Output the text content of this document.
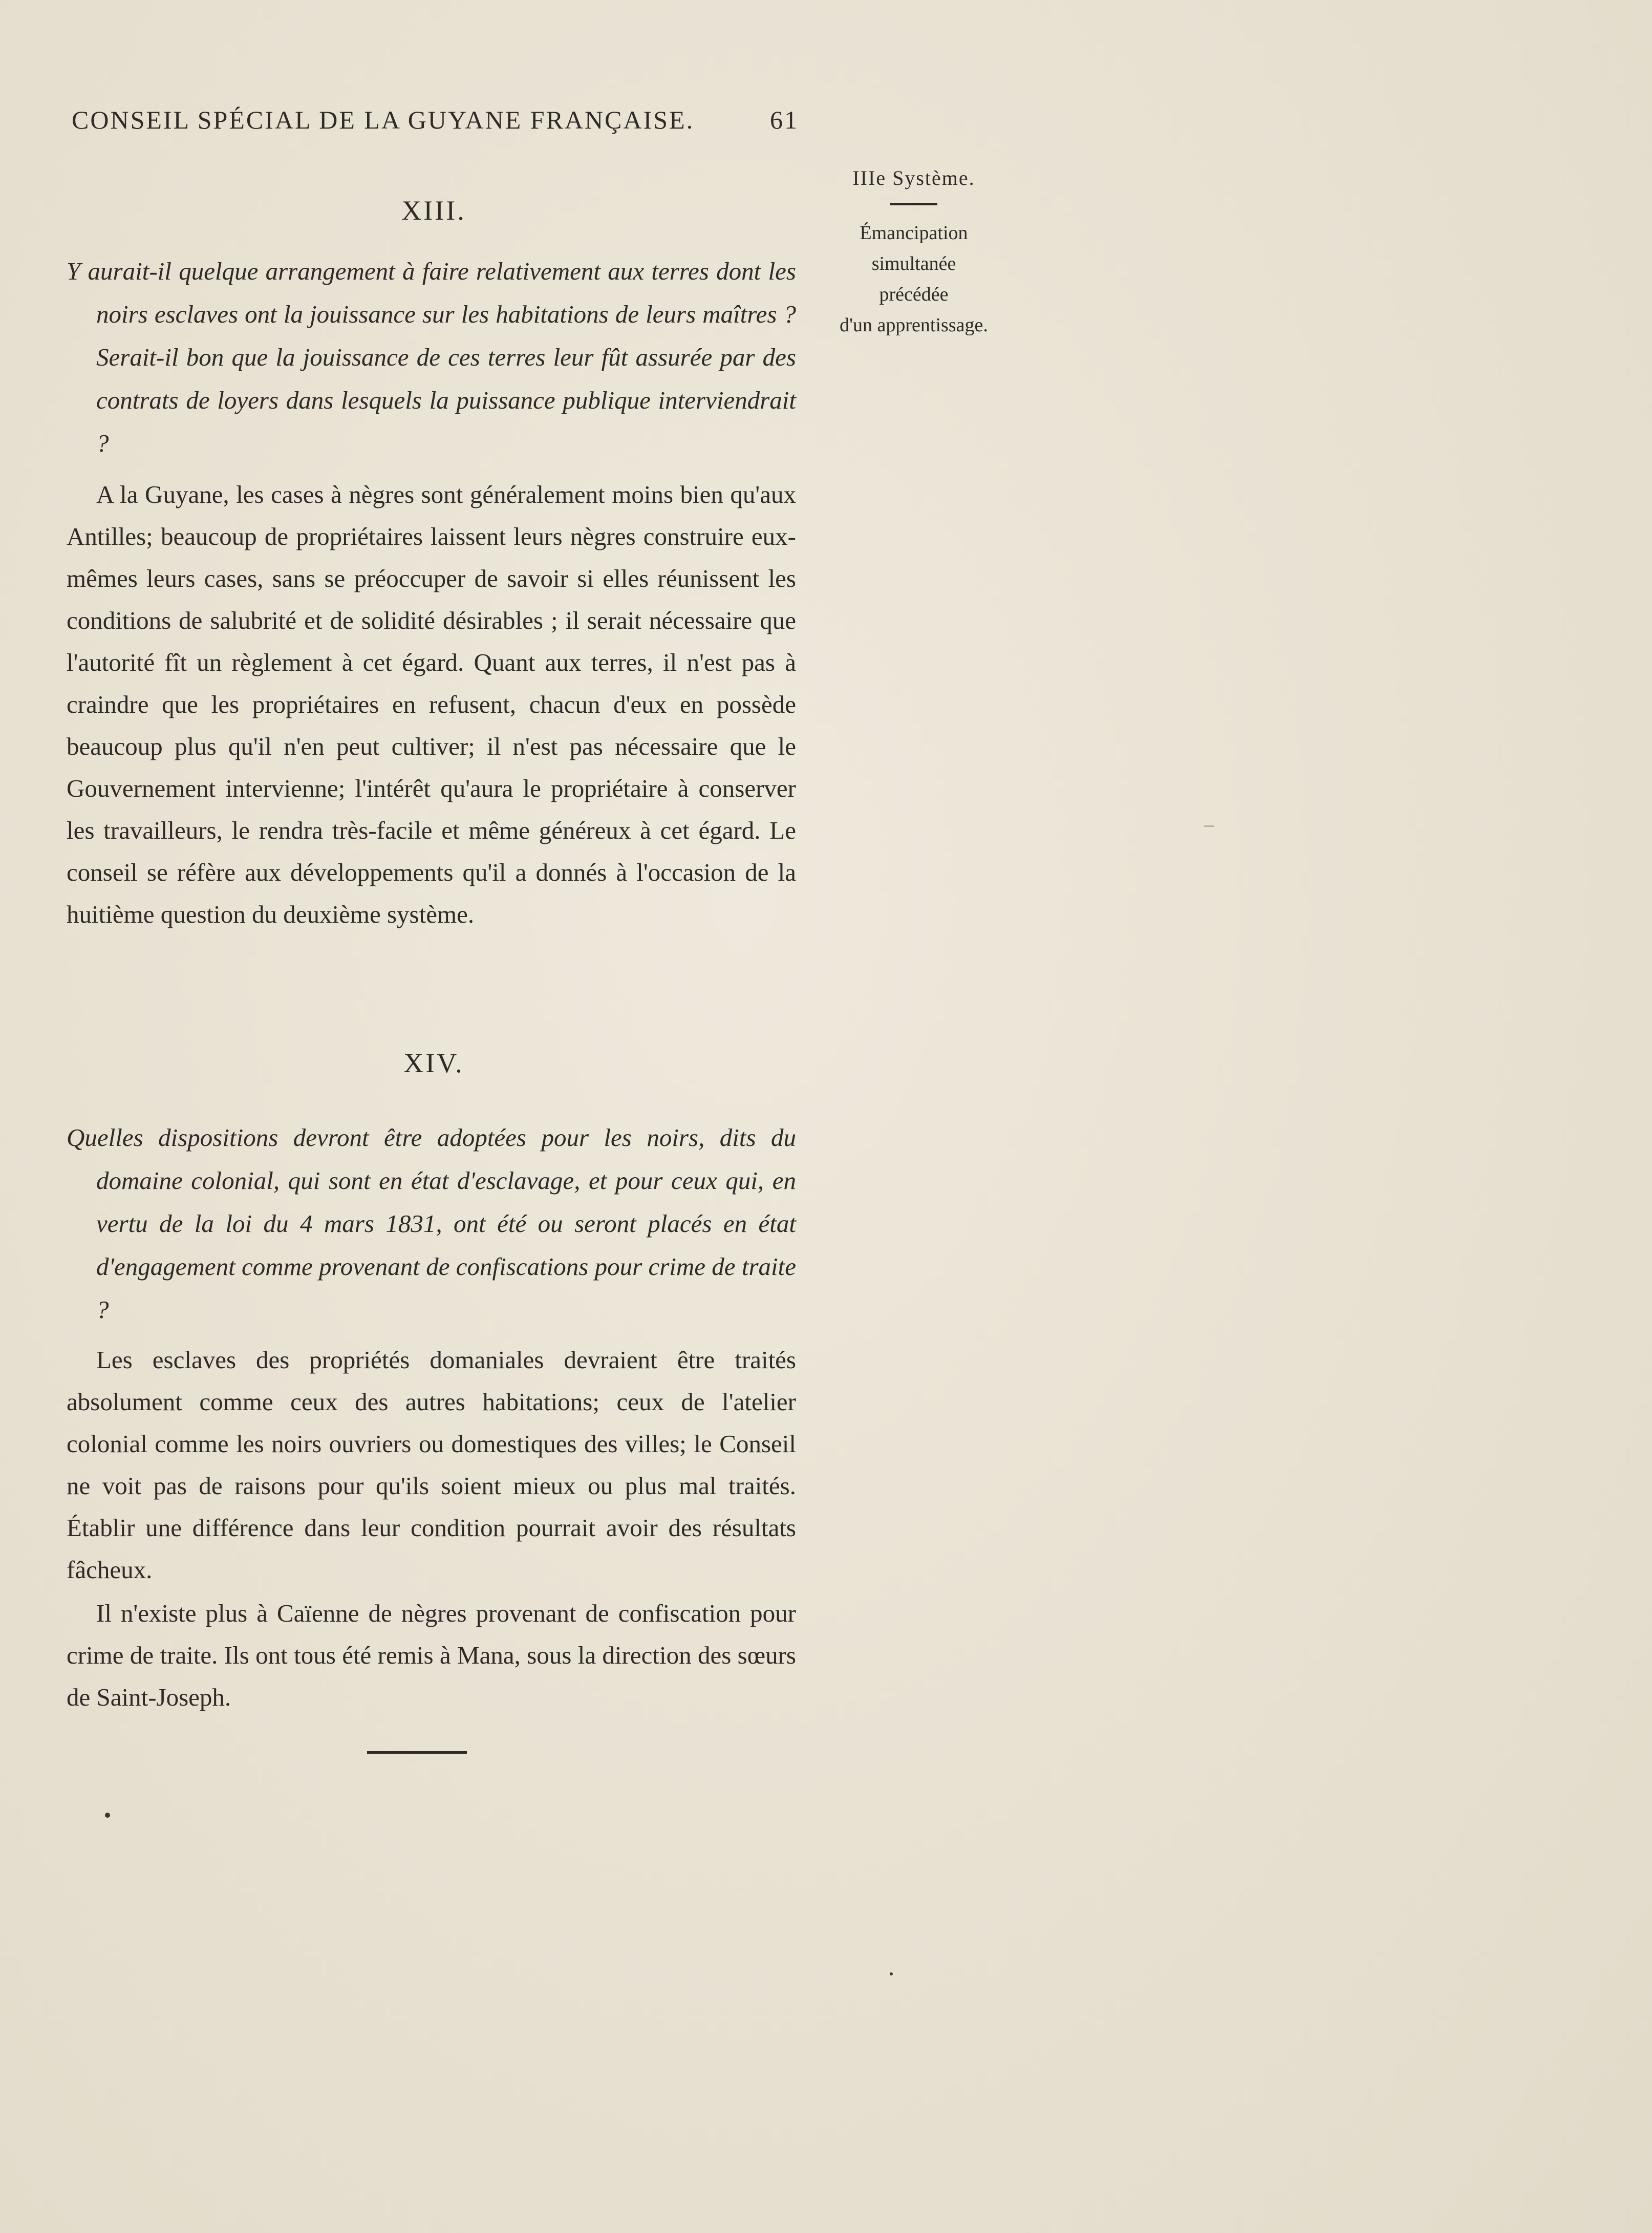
CONSEIL SPÉCIAL DE LA GUYANE FRANÇAISE.	61
IIIe Système.
Émancipation
simultanée
précédée
d'un apprentissage.
XIII.
Y aurait-il quelque arrangement à faire relativement aux terres dont les noirs esclaves ont la jouissance sur les habitations de leurs maîtres ? Serait-il bon que la jouissance de ces terres leur fût assurée par des contrats de loyers dans lesquels la puissance publique interviendrait ?
A la Guyane, les cases à nègres sont généralement moins bien qu'aux Antilles; beaucoup de propriétaires laissent leurs nègres construire eux-mêmes leurs cases, sans se préoccuper de savoir si elles réunissent les conditions de salubrité et de solidité désirables ; il serait nécessaire que l'autorité fît un règlement à cet égard. Quant aux terres, il n'est pas à craindre que les propriétaires en refusent, chacun d'eux en possède beaucoup plus qu'il n'en peut cultiver; il n'est pas nécessaire que le Gouvernement intervienne; l'intérêt qu'aura le propriétaire à conserver les travailleurs, le rendra très-facile et même généreux à cet égard. Le conseil se réfère aux développements qu'il a donnés à l'occasion de la huitième question du deuxième système.
XIV.
Quelles dispositions devront être adoptées pour les noirs, dits du domaine colonial, qui sont en état d'esclavage, et pour ceux qui, en vertu de la loi du 4 mars 1831, ont été ou seront placés en état d'engagement comme provenant de confiscations pour crime de traite ?
Les esclaves des propriétés domaniales devraient être traités absolument comme ceux des autres habitations; ceux de l'atelier colonial comme les noirs ouvriers ou domestiques des villes; le Conseil ne voit pas de raisons pour qu'ils soient mieux ou plus mal traités. Établir une différence dans leur condition pourrait avoir des résultats fâcheux.
Il n'existe plus à Caïenne de nègres provenant de confiscation pour crime de traite. Ils ont tous été remis à Mana, sous la direction des sœurs de Saint-Joseph.
